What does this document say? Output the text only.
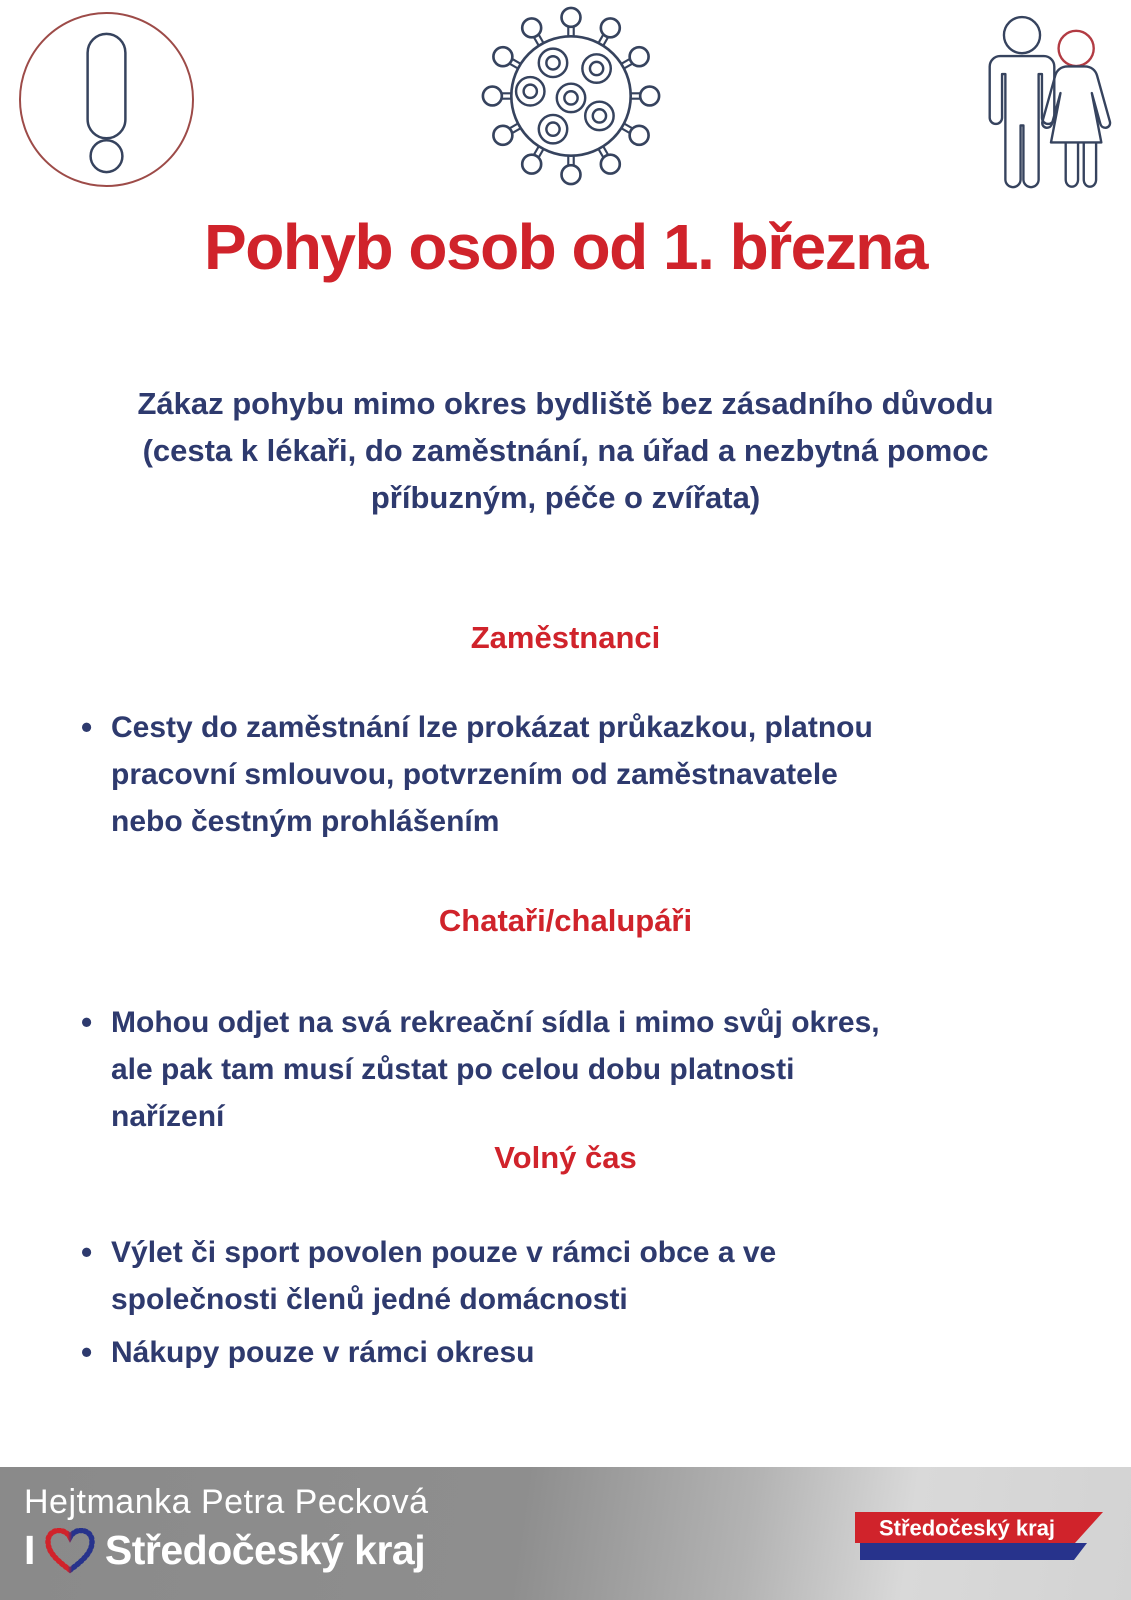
Pohyb osob od 1. března

Zákaz pohybu mimo okres bydliště bez zásadního důvodu
(cesta k lékaři, do zaměstnání, na úřad a nezbytná pomoc
příbuzným, péče o zvířata)

Zaměstnanci
• Cesty do zaměstnání lze prokázat průkazkou, platnou
pracovní smlouvou, potvrzením od zaměstnavatele
nebo čestným prohlášením
Chataři/chalupáři
• Mohou odjet na svá rekreační sídla i mimo svůj okres,
ale pak tam musí zůstat po celou dobu platnosti
nařízení
Volný čas
• Výlet či sport povolen pouze v rámci obce a ve
společnosti členů jedné domácnosti
• Nákupy pouze v rámci okresu
Hejtmanka Petra Pecková
I Středočeský kraj	Středočeský kraj
